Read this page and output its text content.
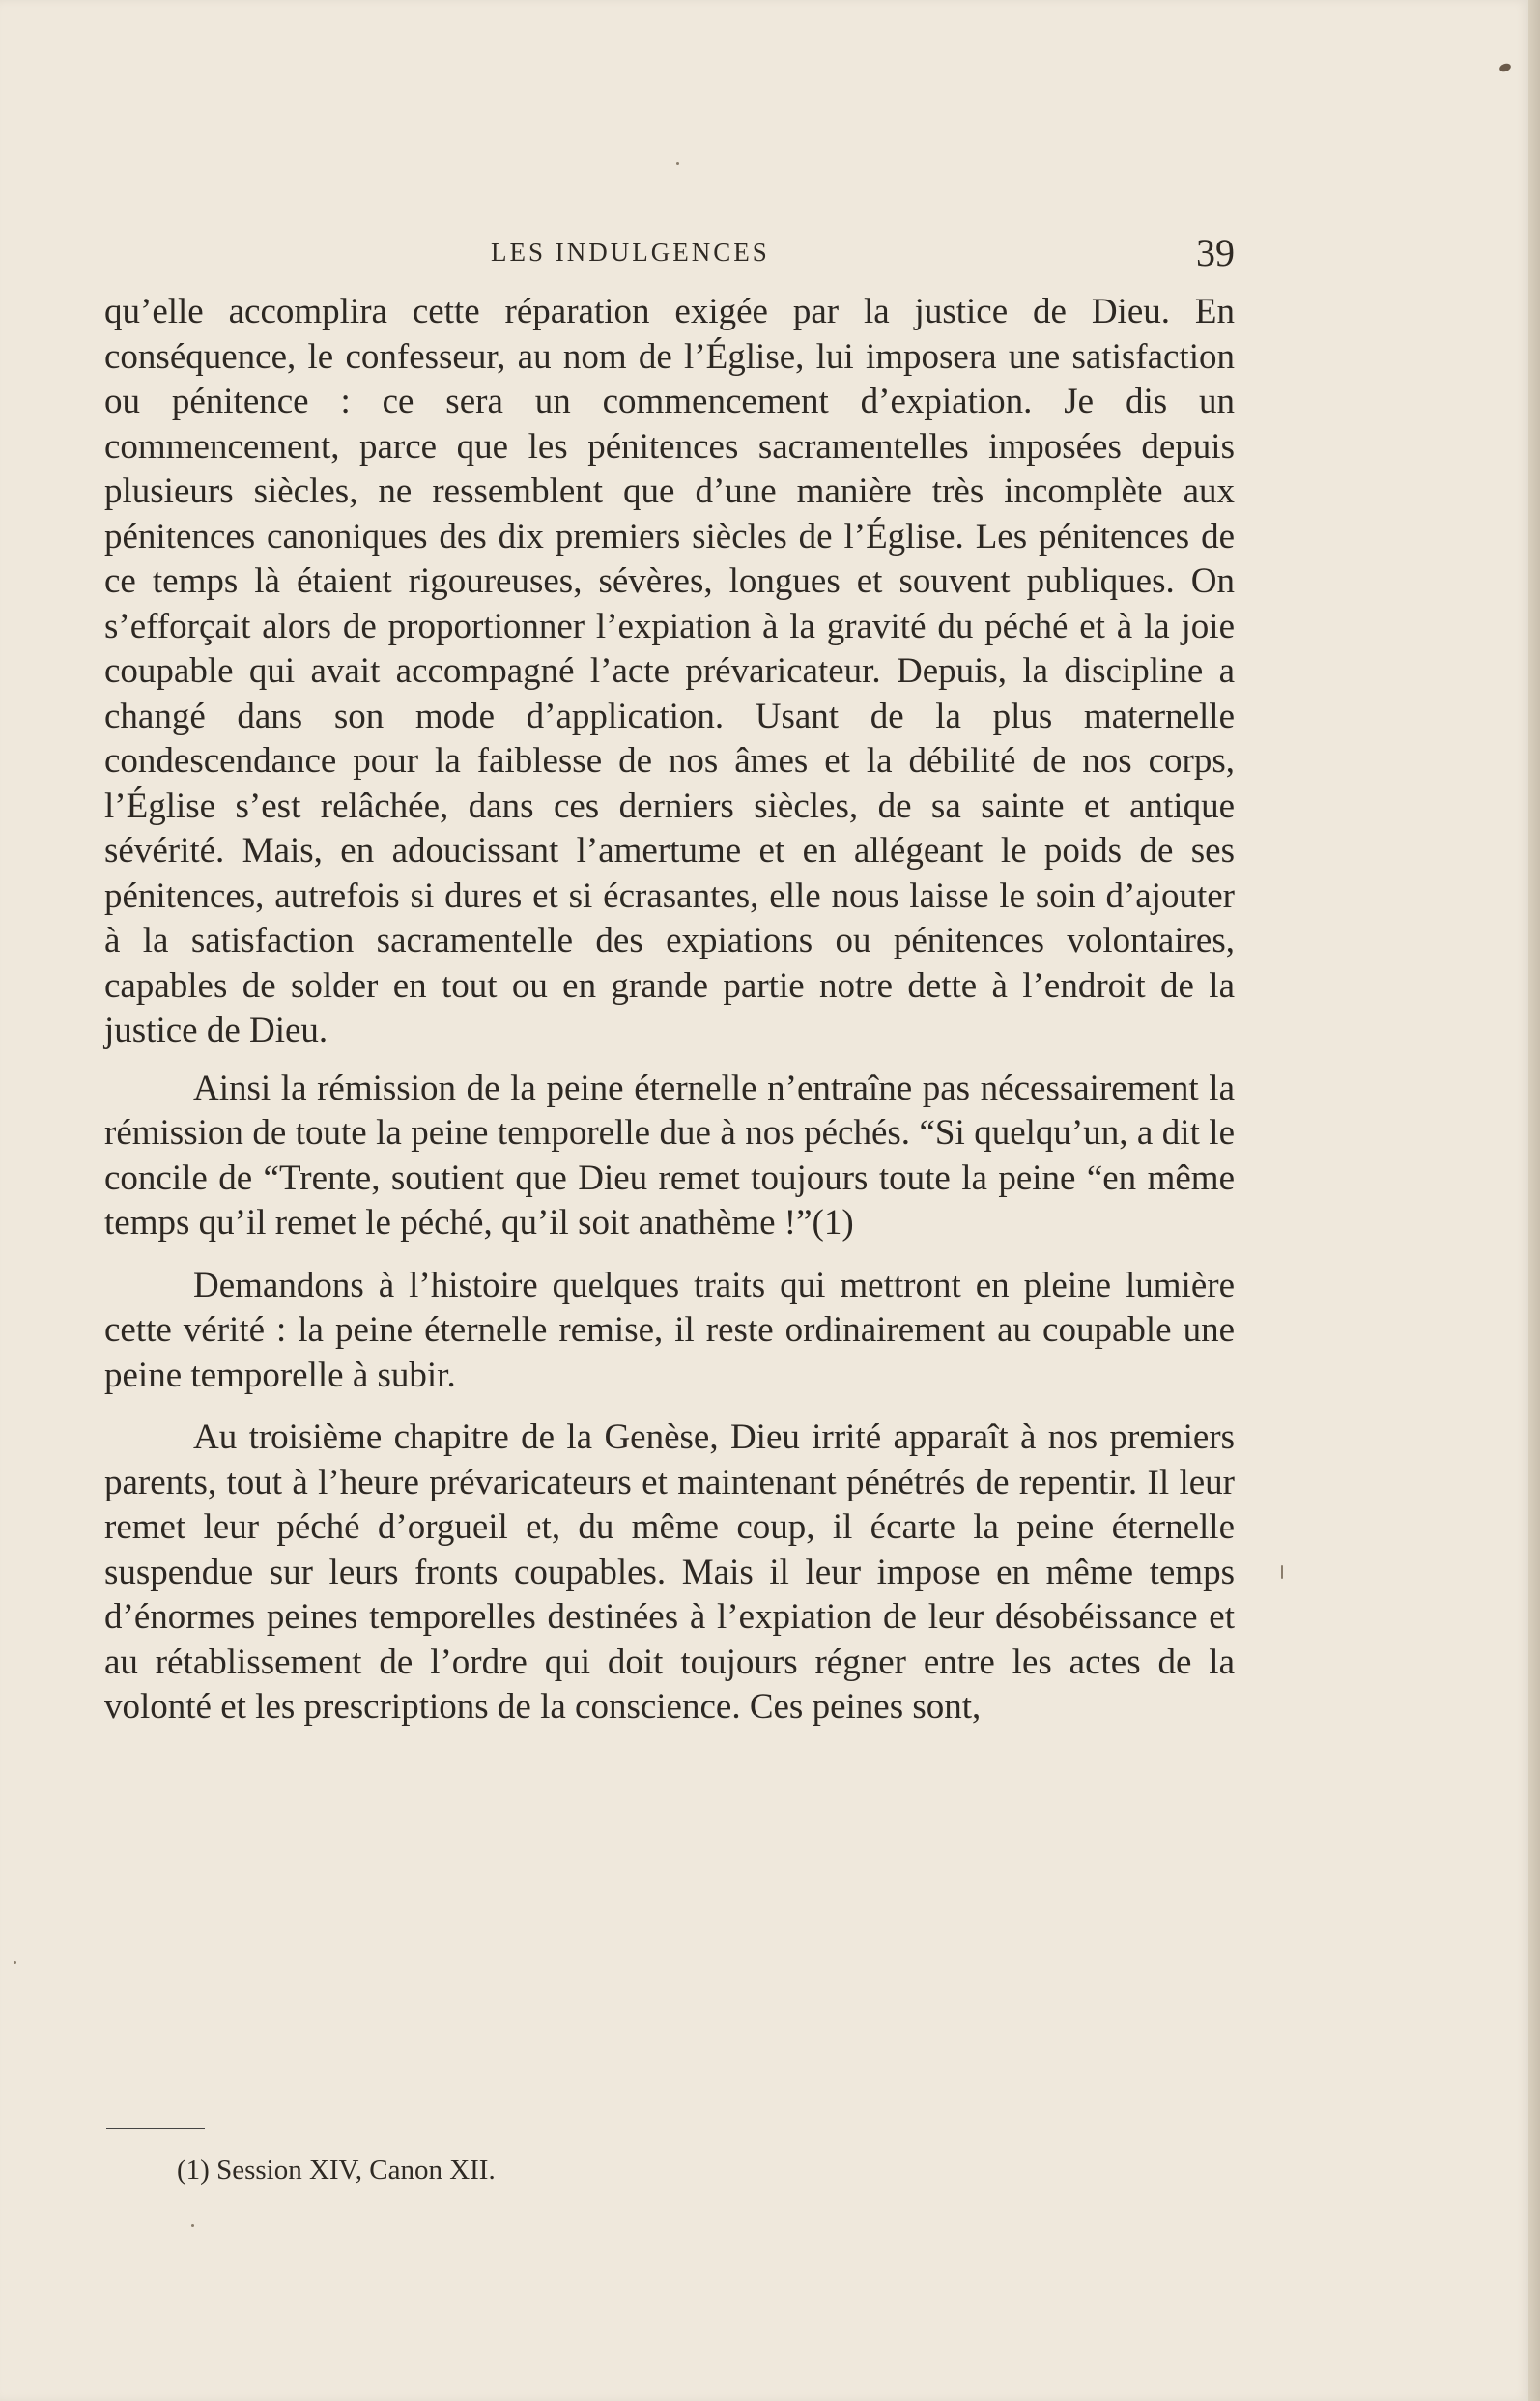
LES INDULGENCES	39

qu’elle accomplira cette réparation exigée par la justice de Dieu. En conséquence, le confesseur, au nom de l’Église, lui imposera une satisfaction ou pénitence : ce sera un commencement d’expiation. Je dis un commencement, parce que les pénitences sacramentelles imposées depuis plusieurs siècles, ne ressemblent que d’une manière très incomplète aux pénitences canoniques des dix premiers siècles de l’Église. Les pénitences de ce temps là étaient rigoureuses, sévères, longues et souvent publiques. On s’efforçait alors de proportionner l’expiation à la gravité du péché et à la joie coupable qui avait accompagné l’acte prévaricateur. Depuis, la discipline a changé dans son mode d’application. Usant de la plus maternelle condescendance pour la faiblesse de nos âmes et la débilité de nos corps, l’Église s’est relâchée, dans ces derniers siècles, de sa sainte et antique sévérité. Mais, en adoucissant l’amertume et en allégeant le poids de ses pénitences, autrefois si dures et si écrasantes, elle nous laisse le soin d’ajouter à la satisfaction sacramentelle des expiations ou pénitences volontaires, capables de solder en tout ou en grande partie notre dette à l’endroit de la justice de Dieu.

Ainsi la rémission de la peine éternelle n’entraîne pas nécessairement la rémission de toute la peine temporelle due à nos péchés. “Si quelqu’un, a dit le concile de “Trente, soutient que Dieu remet toujours toute la peine “en même temps qu’il remet le péché, qu’il soit anathème !”(1)

Demandons à l’histoire quelques traits qui mettront en pleine lumière cette vérité : la peine éternelle remise, il reste ordinairement au coupable une peine temporelle à subir.

Au troisième chapitre de la Genèse, Dieu irrité apparaît à nos premiers parents, tout à l’heure prévaricateurs et maintenant pénétrés de repentir. Il leur remet leur péché d’orgueil et, du même coup, il écarte la peine éternelle suspendue sur leurs fronts coupables. Mais il leur impose en même temps d’énormes peines temporelles destinées à l’expiation de leur désobéissance et au rétablissement de l’ordre qui doit toujours régner entre les actes de la volonté et les prescriptions de la conscience. Ces peines sont,

(1) Session XIV, Canon XII.
